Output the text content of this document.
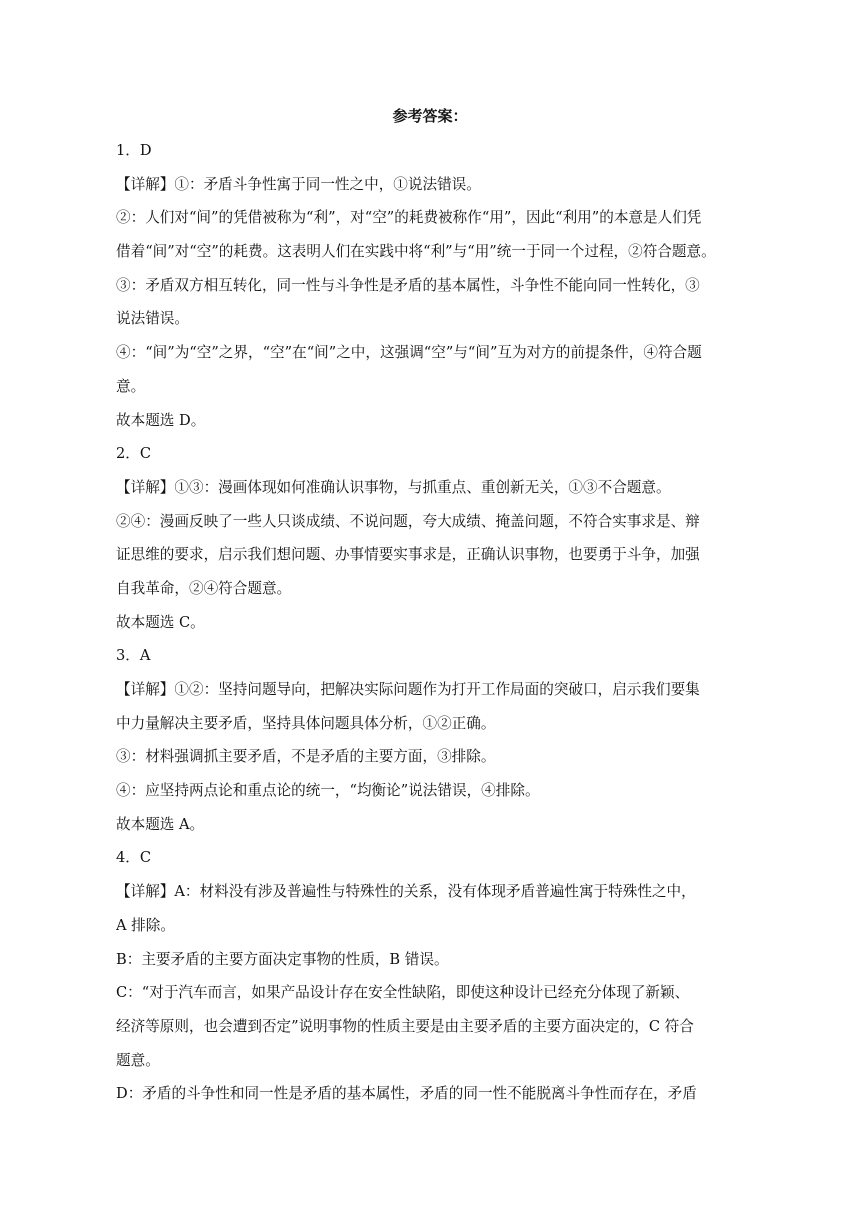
参考答案：
1．D
【详解】①：矛盾斗争性寓于同一性之中，①说法错误。
②：人们对“间”的凭借被称为“利”，对“空”的耗费被称作“用”，因此“利用”的本意是人们凭
借着“间”对“空”的耗费。这表明人们在实践中将“利”与“用”统一于同一个过程，②符合题意。
③：矛盾双方相互转化，同一性与斗争性是矛盾的基本属性，斗争性不能向同一性转化，③
说法错误。
④：“间”为“空”之界，“空”在“间”之中，这强调“空”与“间”互为对方的前提条件，④符合题
意。
故本题选 D。
2．C
【详解】①③：漫画体现如何准确认识事物，与抓重点、重创新无关，①③不合题意。
②④：漫画反映了一些人只谈成绩、不说问题，夸大成绩、掩盖问题，不符合实事求是、辩
证思维的要求，启示我们想问题、办事情要实事求是，正确认识事物，也要勇于斗争，加强
自我革命，②④符合题意。
故本题选 C。
3．A
【详解】①②：坚持问题导向，把解决实际问题作为打开工作局面的突破口，启示我们要集
中力量解决主要矛盾，坚持具体问题具体分析，①②正确。
③：材料强调抓主要矛盾，不是矛盾的主要方面，③排除。
④：应坚持两点论和重点论的统一，“均衡论”说法错误，④排除。
故本题选 A。
4．C
【详解】A：材料没有涉及普遍性与特殊性的关系，没有体现矛盾普遍性寓于特殊性之中，
A 排除。
B：主要矛盾的主要方面决定事物的性质，B 错误。
C：“对于汽车而言，如果产品设计存在安全性缺陷，即使这种设计已经充分体现了新颖、
经济等原则，也会遭到否定”说明事物的性质主要是由主要矛盾的主要方面决定的，C 符合
题意。
D：矛盾的斗争性和同一性是矛盾的基本属性，矛盾的同一性不能脱离斗争性而存在，矛盾
